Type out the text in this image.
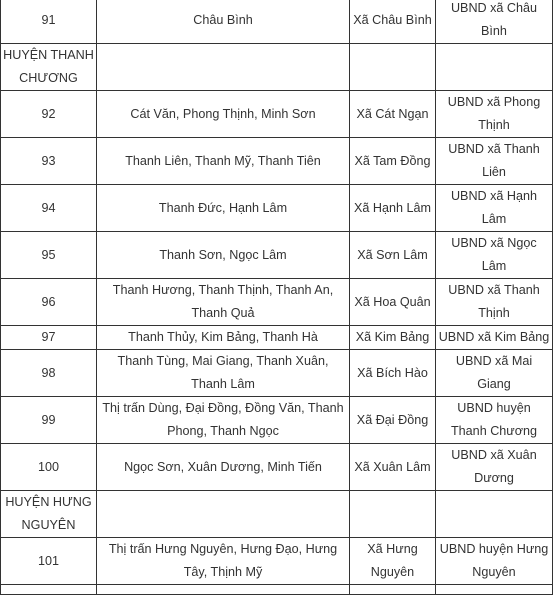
91	Châu Bình	Xã Châu Bình	UBND xã Châu Bình
HUYỆN THANH CHƯƠNG			
92	Cát Văn, Phong Thịnh, Minh Sơn	Xã Cát Ngạn	UBND xã Phong Thịnh
93	Thanh Liên, Thanh Mỹ, Thanh Tiên	Xã Tam Đồng	UBND xã Thanh Liên
94	Thanh Đức, Hạnh Lâm	Xã Hạnh Lâm	UBND xã Hạnh Lâm
95	Thanh Sơn, Ngọc Lâm	Xã Sơn Lâm	UBND xã Ngọc Lâm
96	Thanh Hương, Thanh Thịnh, Thanh An, Thanh Quả	Xã Hoa Quân	UBND xã Thanh Thịnh
97	Thanh Thủy, Kim Bảng, Thanh Hà	Xã Kim Bảng	UBND xã Kim Bảng
98	Thanh Tùng, Mai Giang, Thanh Xuân, Thanh Lâm	Xã Bích Hào	UBND xã Mai Giang
99	Thị trấn Dùng, Đại Đồng, Đồng Văn, Thanh Phong, Thanh Ngọc	Xã Đại Đồng	UBND huyện Thanh Chương
100	Ngọc Sơn, Xuân Dương, Minh Tiến	Xã Xuân Lâm	UBND xã Xuân Dương
HUYỆN HƯNG NGUYÊN			
101	Thị trấn Hưng Nguyên, Hưng Đạo, Hưng Tây, Thịnh Mỹ	Xã Hưng Nguyên	UBND huyện Hưng Nguyên
